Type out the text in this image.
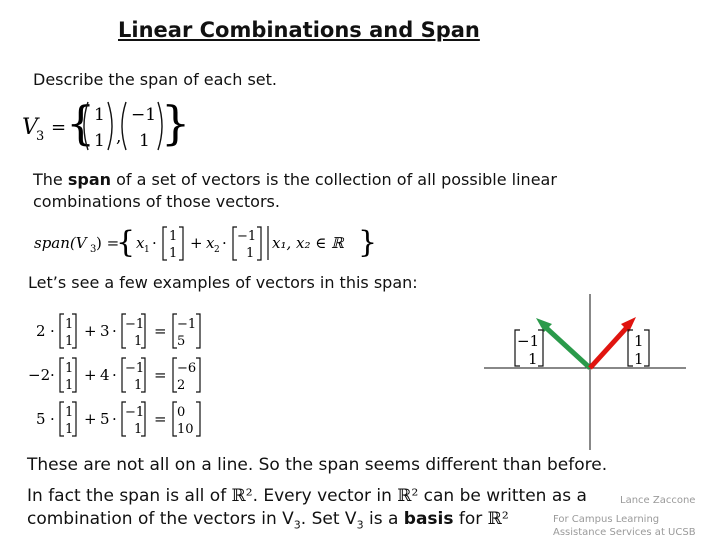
Linear Combinations and Span
Describe the span of each set.
V
3 = {
1
1 ,
−1
1 }
The span of a set of vectors is the collection of all possible linear
combinations of those vectors.
span(V 3 ) =
{ x 1 · 1
1
+ x 2 · −1
1
x₁, x₂ ∈ ℝ }
Let’s see a few examples of vectors in this span:
2 · 1
1
+ 3 · −1
1
= −1
5
−2 · 1
1
+ 4 · −1
1
= −6
2
5 · 1
1
+ 5 · −1
1
= 0
10
−1
1
1
1
These are not all on a line. So the span seems different than before.
In fact the span is all of ℝ². Every vector in ℝ² can be written as a
combination of the vectors in $V_3$. Set $V_3$ is a basis for ℝ²
Lance Zaccone
For Campus Learning
Assistance Services at UCSB
